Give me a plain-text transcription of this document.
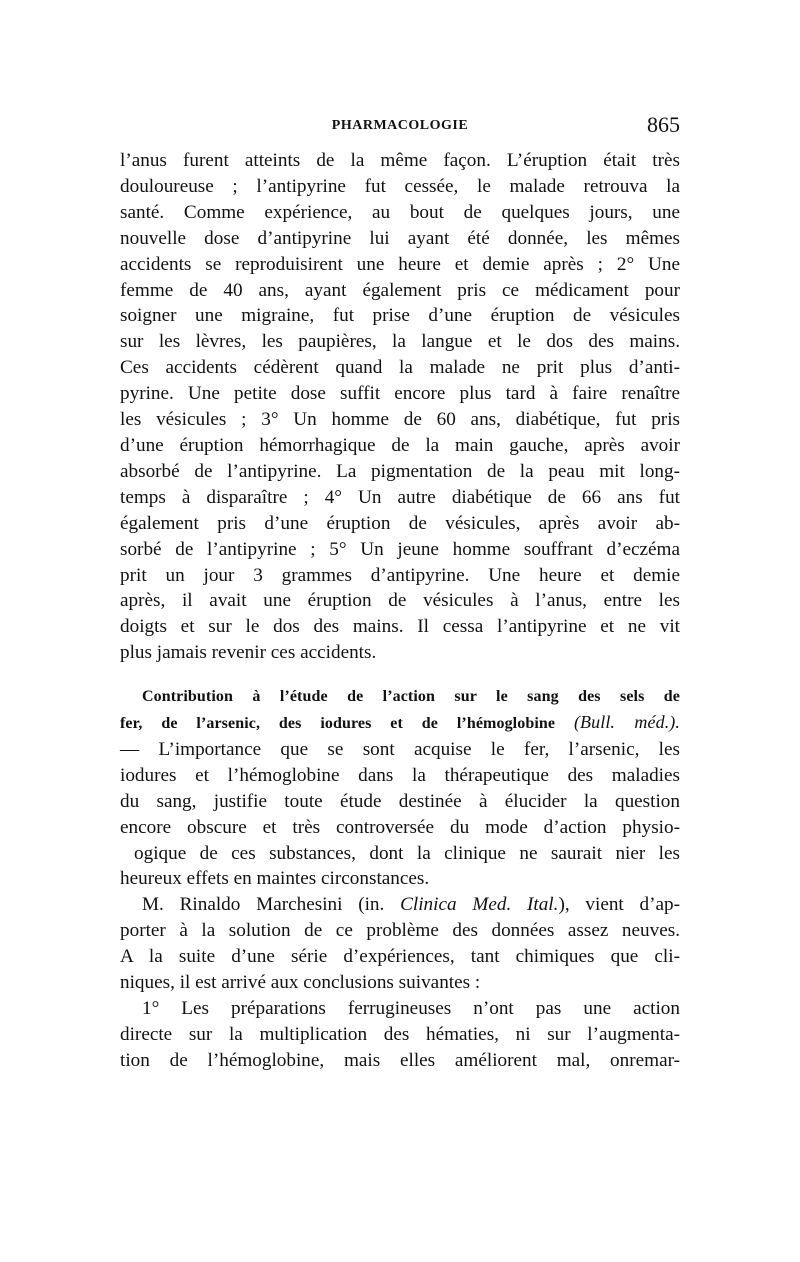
PHARMACOLOGIE	865
l’anus furent atteints de la même façon. L’éruption était très
douloureuse ; l’antipyrine fut cessée, le malade retrouva la
santé. Comme expérience, au bout de quelques jours, une
nouvelle dose d’antipyrine lui ayant été donnée, les mêmes
accidents se reproduisirent une heure et demie après ; 2° Une
femme de 40 ans, ayant également pris ce médicament pour
soigner une migraine, fut prise d’une éruption de vésicules
sur les lèvres, les paupières, la langue et le dos des mains.
Ces accidents cédèrent quand la malade ne prit plus d’anti-
pyrine. Une petite dose suffit encore plus tard à faire renaître
les vésicules ; 3° Un homme de 60 ans, diabétique, fut pris
d’une éruption hémorrhagique de la main gauche, après avoir
absorbé de l’antipyrine. La pigmentation de la peau mit long-
temps à disparaître ; 4° Un autre diabétique de 66 ans fut
également pris d’une éruption de vésicules, après avoir ab-
sorbé de l’antipyrine ; 5° Un jeune homme souffrant d’eczéma
prit un jour 3 grammes d’antipyrine. Une heure et demie
après, il avait une éruption de vésicules à l’anus, entre les
doigts et sur le dos des mains. Il cessa l’antipyrine et ne vit
plus jamais revenir ces accidents.
Contribution à l’étude de l’action sur le sang des sels de
fer, de l’arsenic, des iodures et de l’hémoglobine (Bull. méd.).
— L’importance que se sont acquise le fer, l’arsenic, les
iodures et l’hémoglobine dans la thérapeutique des maladies
du sang, justifie toute étude destinée à élucider la question
encore obscure et très controversée du mode d’action physio-
ogique de ces substances, dont la clinique ne saurait nier les
heureux effets en maintes circonstances.
M. Rinaldo Marchesini (in. Clinica Med. Ital.), vient d’ap-
porter à la solution de ce problème des données assez neuves.
A la suite d’une série d’expériences, tant chimiques que cli-
niques, il est arrivé aux conclusions suivantes :
1° Les préparations ferrugineuses n’ont pas une action
directe sur la multiplication des hématies, ni sur l’augmenta-
tion de l’hémoglobine, mais elles améliorent mal, onremar-
